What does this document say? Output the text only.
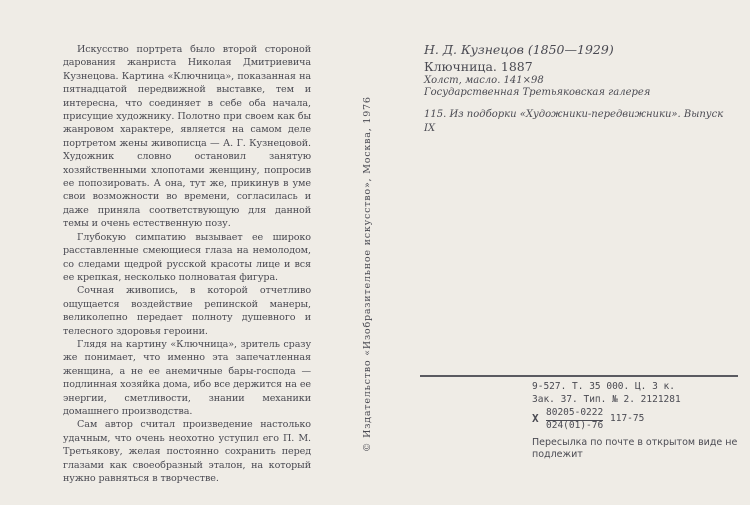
Искусство портрета было второй стороной дарования жанриста Николая Дмитриевича Кузнецова. Картина «Ключница», показанная на пятнадцатой передвижной выставке, тем и интересна, что соединяет в себе оба начала, присущие художнику. Полотно при своем как бы жанровом характере, является на самом деле портретом жены живописца — А. Г. Кузнецовой. Художник словно остановил занятую хозяйственными хлопотами женщину, попросив ее попозировать. А она, тут же, прикинув в уме свои возможности во времени, согласилась и даже приняла соответствующую для данной темы и очень естественную позу.

Глубокую симпатию вызывает ее широко расставленные смеющиеся глаза на немолодом, со следами щедрой русской красоты лице и вся ее крепкая, несколько полноватая фигура.

Сочная живопись, в которой отчетливо ощущается воздействие репинской манеры, великолепно передает полноту душевного и телесного здоровья героини.

Глядя на картину «Ключница», зритель сразу же понимает, что именно эта запечатленная женщина, а не ее анемичные бары-господа — подлинная хозяйка дома, ибо все держится на ее энергии, сметливости, знании механики домашнего производства.

Сам автор считал произведение настолько удачным, что очень неохотно уступил его П. М. Третьякову, желая постоянно сохранить перед глазами как своеобразный эталон, на который нужно равняться в творчестве.

© Издательство «Изобразительное искусство», Москва, 1976
Н. Д. Кузнецов (1850—1929)
Ключница. 1887
Холст, масло. 141×98
Государственная Третьяковская галерея
115. Из подборки «Художники-передвижники». Выпуск IX
9-527. Т. 35 000. Ц. 3 к.
Зак. 37. Тип. № 2. 2121281
Х 80205-0222
024(01)-76
117-75
Пересылка по почте в открытом виде не подлежит
